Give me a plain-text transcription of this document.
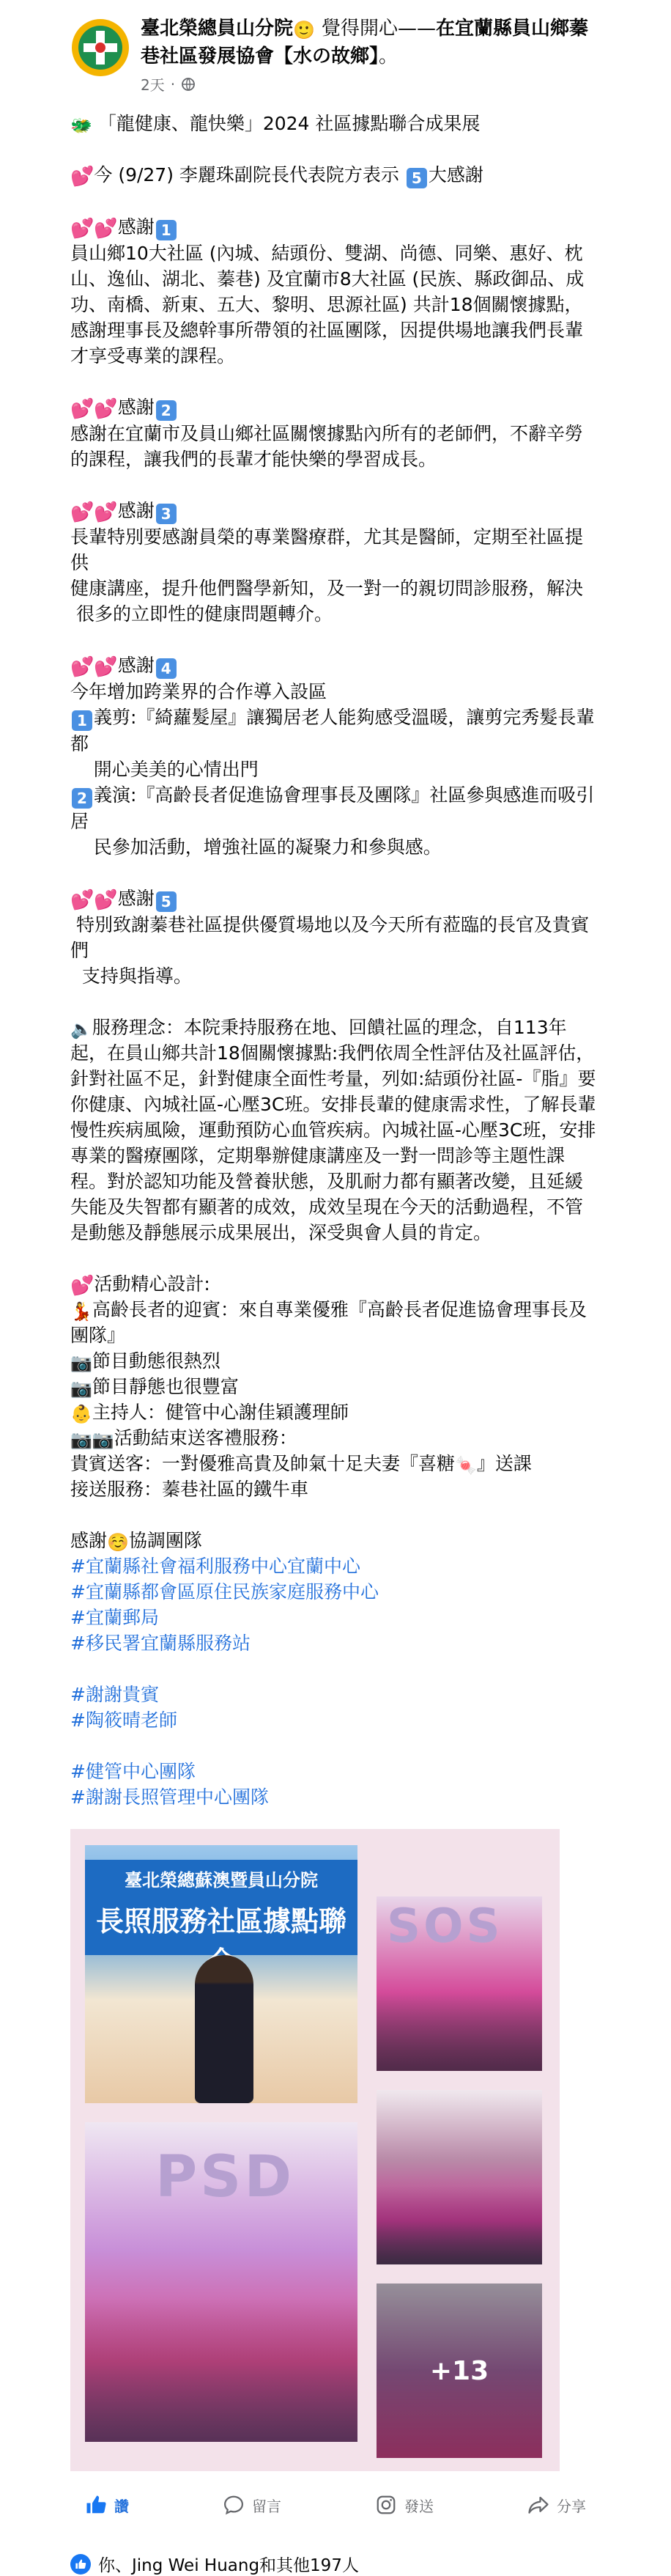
臺北榮總員山分院🙂 覺得開心——在宜蘭縣員山鄉蓁巷社區發展協會【水の故鄉】。
2天 ·

🐲 「龍健康、龍快樂」2024 社區據點聯合成果展

💕今 (9/27) 李麗珠副院長代表院方表示 5 大感謝

💕💕感謝 1

員山鄉10大社區 (內城、結頭份、雙湖、尚德、同樂、惠好、枕山、逸仙、湖北、蓁巷) 及宜蘭市8大社區 (民族、縣政御品、成功、南橋、新東、五大、黎明、思源社區) 共計18個關懷據點，感謝理事長及總幹事所帶領的社區團隊，因提供場地讓我們長輩才享受專業的課程。

💕💕感謝 2

感謝在宜蘭市及員山鄉社區關懷據點內所有的老師們，不辭辛勞的課程，讓我們的長輩才能快樂的學習成長。

💕💕感謝 3

長輩特別要感謝員榮的專業醫療群，尤其是醫師，定期至社區提供
健康講座，提升他們醫學新知，及一對一的親切問診服務，解決
很多的立即性的健康問題轉介。

💕💕感謝 4

今年增加跨業界的合作導入設區

1 義剪:『綺蘿髮屋』讓獨居老人能夠感受溫暖，讓剪完秀髮長輩都
開心美美的心情出門

2 義演:『高齡長者促進協會理事長及團隊』社區參與感進而吸引居
民參加活動，增強社區的凝聚力和參與感。

💕💕感謝 5

特別致謝蓁巷社區提供優質場地以及今天所有蒞臨的長官及貴賓們
支持與指導。

🔈服務理念：本院秉持服務在地、回饋社區的理念，自113年起，在員山鄉共計18個關懷據點:我們依周全性評估及社區評估，針對社區不足，針對健康全面性考量，列如:結頭份社區-『脂』要你健康、內城社區-心壓3C班。安排長輩的健康需求性，了解長輩慢性疾病風險，運動預防心血管疾病。內城社區-心壓3C班，安排專業的醫療團隊，定期舉辦健康講座及一對一問診等主題性課程。對於認知功能及營養狀態，及肌耐力都有顯著改變，且延緩失能及失智都有顯著的成效，成效呈現在今天的活動過程，不管是動態及靜態展示成果展出，深受與會人員的肯定。

💕活動精心設計:

💃高齡長者的迎賓：來自專業優雅『高齡長者促進協會理事長及團隊』

📷節目動態很熱烈

📷節目靜態也很豐富

👶主持人：健管中心謝佳穎護理師

📷📷活動結束送客禮服務：

貴賓送客：一對優雅高貴及帥氣十足夫妻『喜糖🍬』送課

接送服務：蓁巷社區的鐵牛車

感謝☺️協調團隊

#宜蘭縣社會福利服務中心宜蘭中心
#宜蘭縣都會區原住民族家庭服務中心
#宜蘭郵局
#移民署宜蘭縣服務站
#謝謝貴賓
#陶筱晴老師
#健管中心團隊
#謝謝長照管理中心團隊
臺北榮總蘇澳暨員山分院
長照服務社區據點聯 SOS
PSD
+13
讚	留言	發送	分享
你、Jing Wei Huang和其他197人
